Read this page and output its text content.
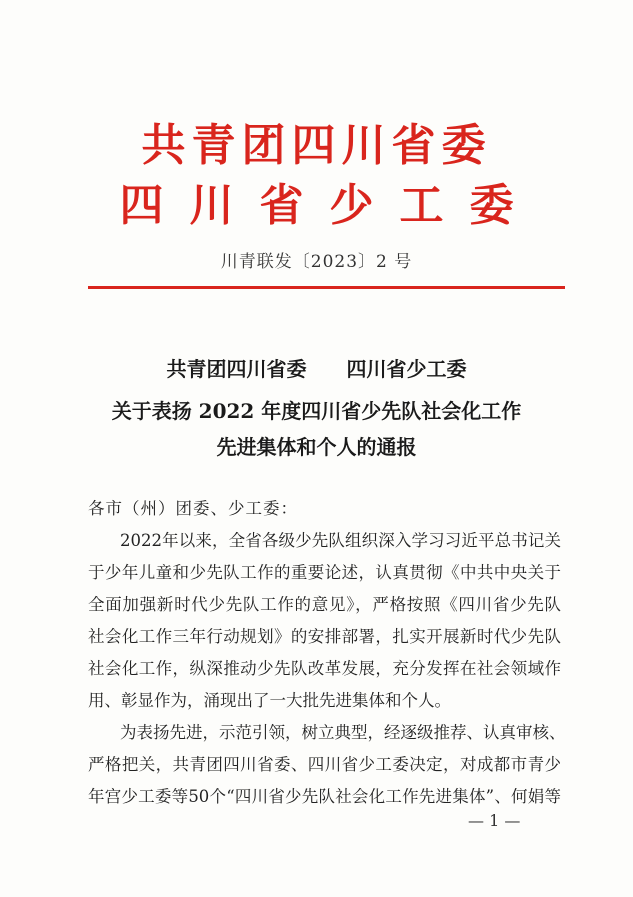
共青团四川省委
四川省少工委
川青联发〔2023〕2 号
共青团四川省委　　四川省少工委
关于表扬 2022 年度四川省少先队社会化工作
先进集体和个人的通报
各市（州）团委、少工委：
2022年以来，全省各级少先队组织深入学习习近平总书记关
于少年儿童和少先队工作的重要论述，认真贯彻《中共中央关于
全面加强新时代少先队工作的意见》，严格按照《四川省少先队
社会化工作三年行动规划》的安排部署，扎实开展新时代少先队
社会化工作，纵深推动少先队改革发展，充分发挥在社会领域作
用、彰显作为，涌现出了一大批先进集体和个人。
为表扬先进，示范引领，树立典型，经逐级推荐、认真审核、
严格把关，共青团四川省委、四川省少工委决定，对成都市青少
年宫少工委等50个“四川省少先队社会化工作先进集体”、何娟等
— 1 —
